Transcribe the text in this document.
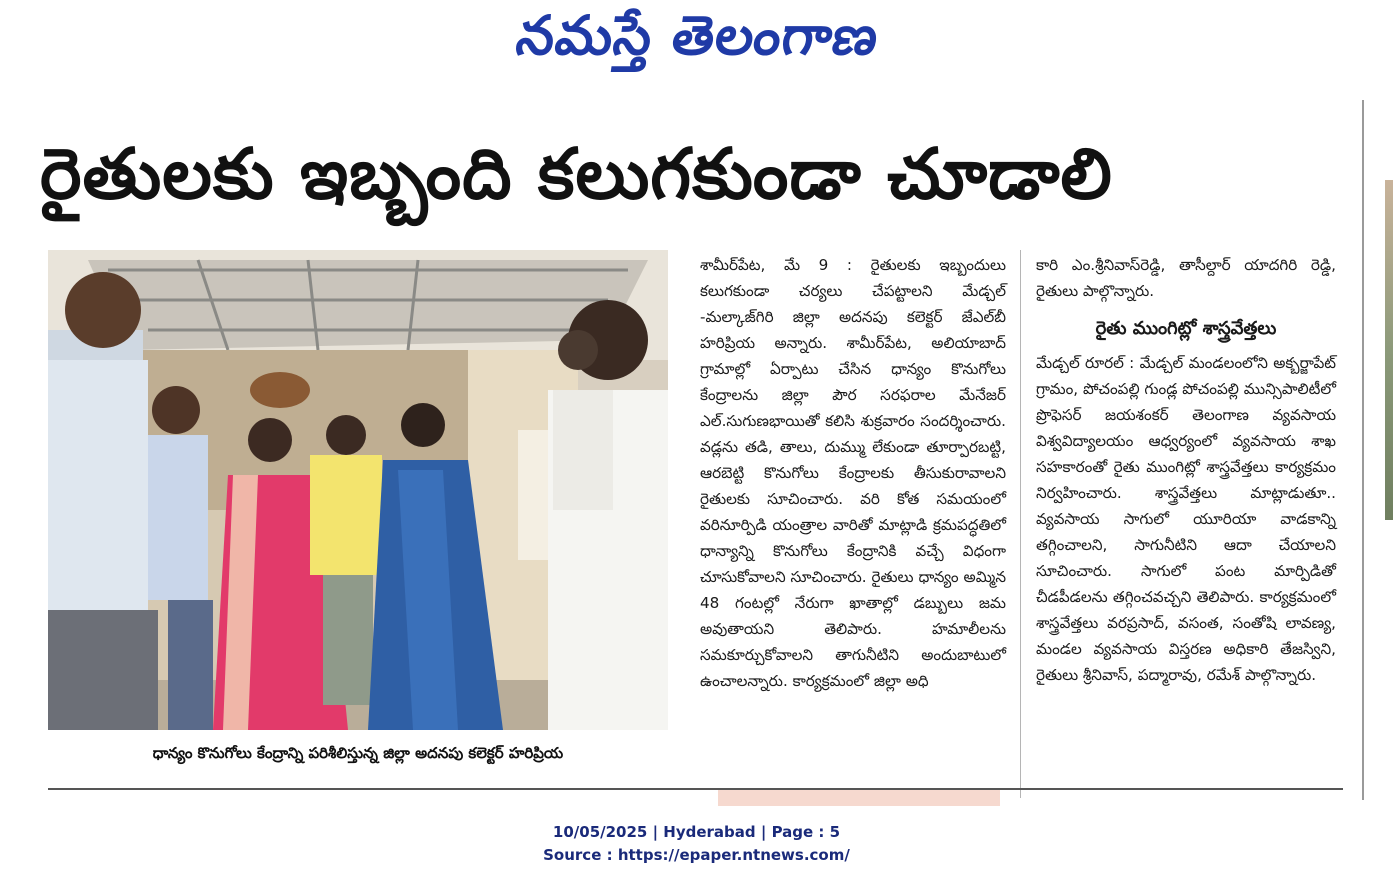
నమస్తే తెలంగాణ
రైతులకు ఇబ్బంది కలుగకుండా చూడాలి
ధాన్యం కొనుగోలు కేంద్రాన్ని పరిశీలిస్తున్న జిల్లా అదనపు కలెక్టర్ హరిప్రియ

శామీర్‌పేట, మే 9 : రైతులకు ఇబ్బందులు కలుగకుండా చర్యలు చేపట్టాలని మేడ్చల్ -మల్కాజ్‌గిరి జిల్లా అదనపు కలెక్టర్ జేఎల్‌బీ హరిప్రియ అన్నారు. శామీర్‌పేట, అలియాబాద్ గ్రామాల్లో ఏర్పాటు చేసిన ధాన్యం కొనుగోలు కేంద్రాలను జిల్లా పౌర సరఫరాల మేనేజర్ ఎల్.సుగుణభాయితో కలిసి శుక్రవారం సందర్శించారు. వడ్లను తడి, తాలు, దుమ్ము లేకుండా తూర్పారబట్టి, ఆరబెట్టి కొనుగోలు కేంద్రాలకు తీసుకురావాలని రైతులకు సూచించారు. వరి కోత సమయంలో వరినూర్పిడి యంత్రాల వారితో మాట్లాడి క్రమపద్ధతిలో ధాన్యాన్ని కొనుగోలు కేంద్రానికి వచ్చే విధంగా చూసుకోవాలని సూచించారు. రైతులు ధాన్యం అమ్మిన 48 గంటల్లో నేరుగా ఖాతాల్లో డబ్బులు జమ అవుతాయని తెలిపారు. హమాలీలను సమకూర్చుకోవాలని తాగునీటిని అందుబాటులో ఉంచాలన్నారు. కార్యక్రమంలో జిల్లా అధి

కారి ఎం.శ్రీనివాస్‌రెడ్డి, తాసీల్దార్ యాదగిరి రెడ్డి, రైతులు పాల్గొన్నారు.

రైతు ముంగిట్లో శాస్త్రవేత్తలు

మేడ్చల్ రూరల్ : మేడ్చల్ మండలంలోని అక్బర్జాపేట్ గ్రామం, పోచంపల్లి గుండ్ల పోచంపల్లి మున్సిపాలిటీలో ప్రొఫెసర్ జయశంకర్ తెలంగాణ వ్యవసాయ విశ్వవిద్యాలయం ఆధ్వర్యంలో వ్యవసాయ శాఖ సహకారంతో రైతు ముంగిట్లో శాస్త్రవేత్తలు కార్యక్రమం నిర్వహించారు. శాస్త్రవేత్తలు మాట్లాడుతూ.. వ్యవసాయ సాగులో యూరియా వాడకాన్ని తగ్గించాలని, సాగునీటిని ఆదా చేయాలని సూచించారు. సాగులో పంట మార్పిడితో చీడపీడలను తగ్గించవచ్చని తెలిపారు. కార్యక్రమంలో శాస్త్రవేత్తలు వరప్రసాద్, వసంత, సంతోషి లావణ్య, మండల వ్యవసాయ విస్తరణ అధికారి తేజస్విని, రైతులు శ్రీనివాస్, పద్మారావు, రమేశ్ పాల్గొన్నారు.

10/05/2025 | Hyderabad | Page : 5
Source : https://epaper.ntnews.com/
